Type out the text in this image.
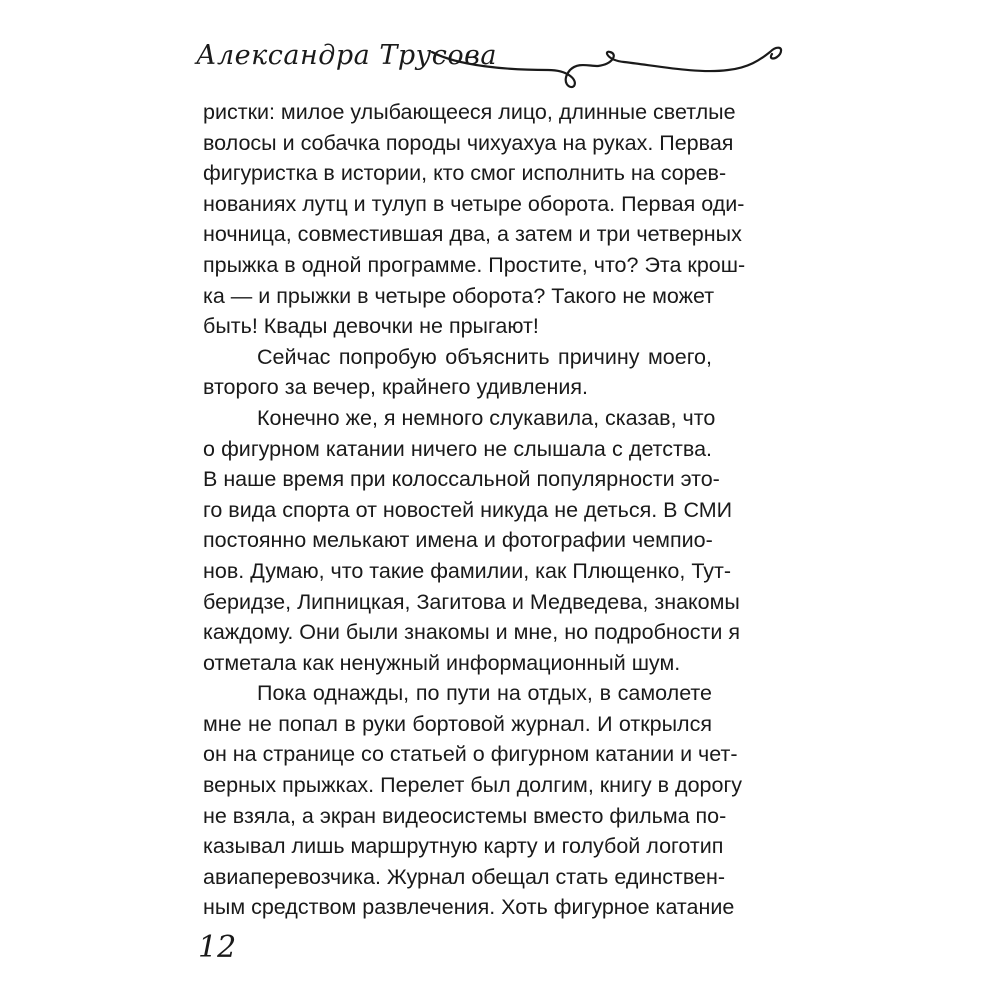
Александра Трусова
ристки: милое улыбающееся лицо, длинные светлые
волосы и собачка породы чихуахуа на руках. Первая
фигуристка в истории, кто смог исполнить на сорев-
нованиях лутц и тулуп в четыре оборота. Первая оди-
ночница, совместившая два, а затем и три четверных
прыжка в одной программе. Простите, что? Эта крош-
ка — и прыжки в четыре оборота? Такого не может
быть! Квады девочки не прыгают!
Сейчас попробую объяснить причину моего,
второго за вечер, крайнего удивления.
Конечно же, я немного слукавила, сказав, что
о фигурном катании ничего не слышала с детства.
В наше время при колоссальной популярности это-
го вида спорта от новостей никуда не деться. В СМИ
постоянно мелькают имена и фотографии чемпио-
нов. Думаю, что такие фамилии, как Плющенко, Тут-
беридзе, Липницкая, Загитова и Медведева, знакомы
каждому. Они были знакомы и мне, но подробности я
отметала как ненужный информационный шум.
Пока однажды, по пути на отдых, в самолете
мне не попал в руки бортовой журнал. И открылся
он на странице со статьей о фигурном катании и чет-
верных прыжках. Перелет был долгим, книгу в дорогу
не взяла, а экран видеосистемы вместо фильма по-
казывал лишь маршрутную карту и голубой логотип
авиаперевозчика. Журнал обещал стать единствен-
ным средством развлечения. Хоть фигурное катание
12
